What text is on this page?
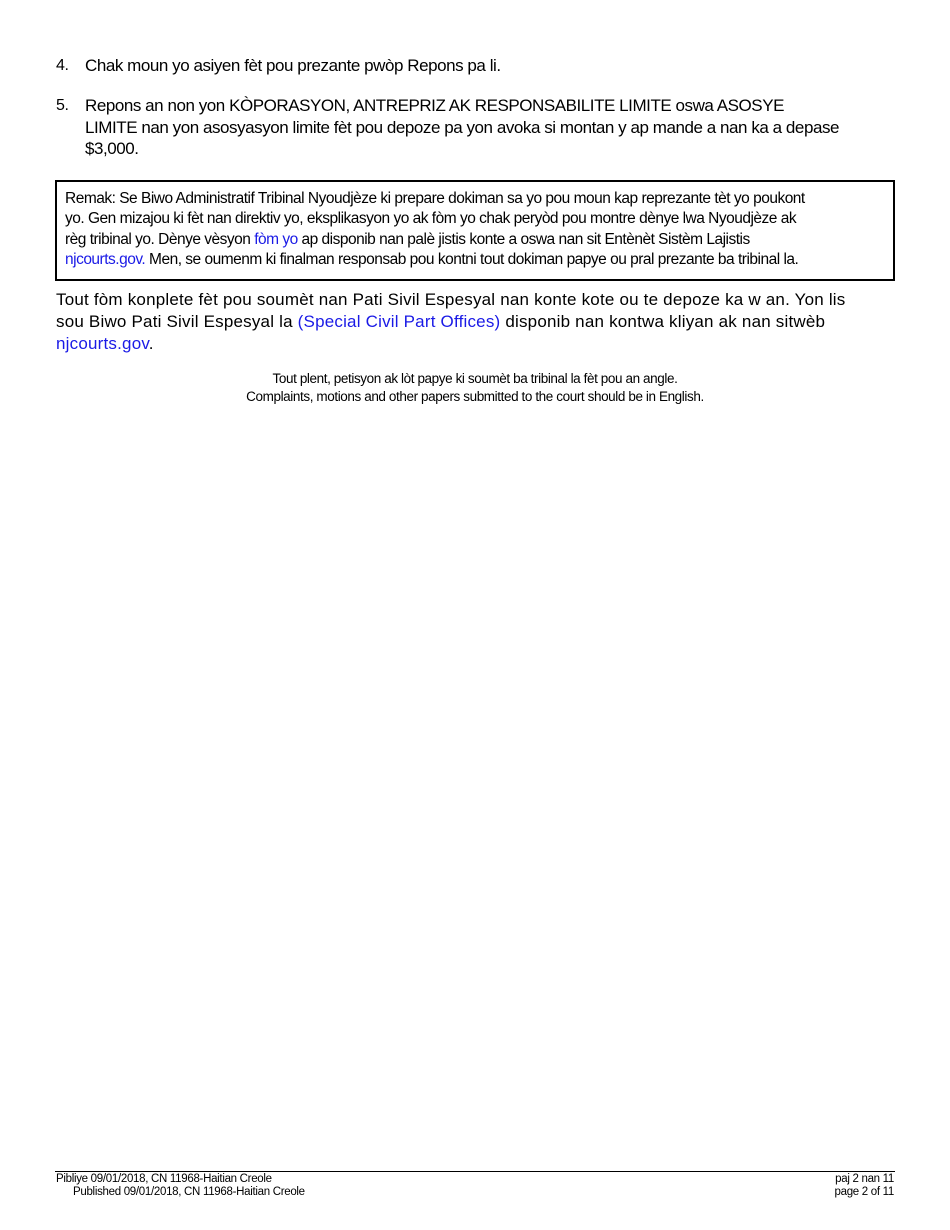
4. Chak moun yo asiyen fèt pou prezante pwòp Repons pa li.
5. Repons an non yon KÒPORASYON, ANTREPRIZ AK RESPONSABILITE LIMITE oswa ASOSYE
LIMITE nan yon asosyasyon limite fèt pou depoze pa yon avoka si montan y ap mande a nan ka a depase
$3,000.
Remak: Se Biwo Administratif Tribinal Nyoudjèze ki prepare dokiman sa yo pou moun kap reprezante tèt yo poukont
yo. Gen mizajou ki fèt nan direktiv yo, eksplikasyon yo ak fòm yo chak peryòd pou montre dènye lwa Nyoudjèze ak
règ tribinal yo. Dènye vèsyon fòm yo ap disponib nan palè jistis konte a oswa nan sit Entènèt Sistèm Lajistis
njcourts.gov. Men, se oumenm ki finalman responsab pou kontni tout dokiman papye ou pral prezante ba tribinal la.
Tout fòm konplete fèt pou soumèt nan Pati Sivil Espesyal nan konte kote ou te depoze ka w an. Yon lis
sou Biwo Pati Sivil Espesyal la (Special Civil Part Offices) disponib nan kontwa kliyan ak nan sitwèb
njcourts.gov.
Tout plent, petisyon ak lòt papye ki soumèt ba tribinal la fèt pou an angle.
Complaints, motions and other papers submitted to the court should be in English.
Pibliye 09/01/2018, CN 11968-Haitian Creole
Published 09/01/2018, CN 11968-Haitian Creole
paj 2 nan 11
page 2 of 11
